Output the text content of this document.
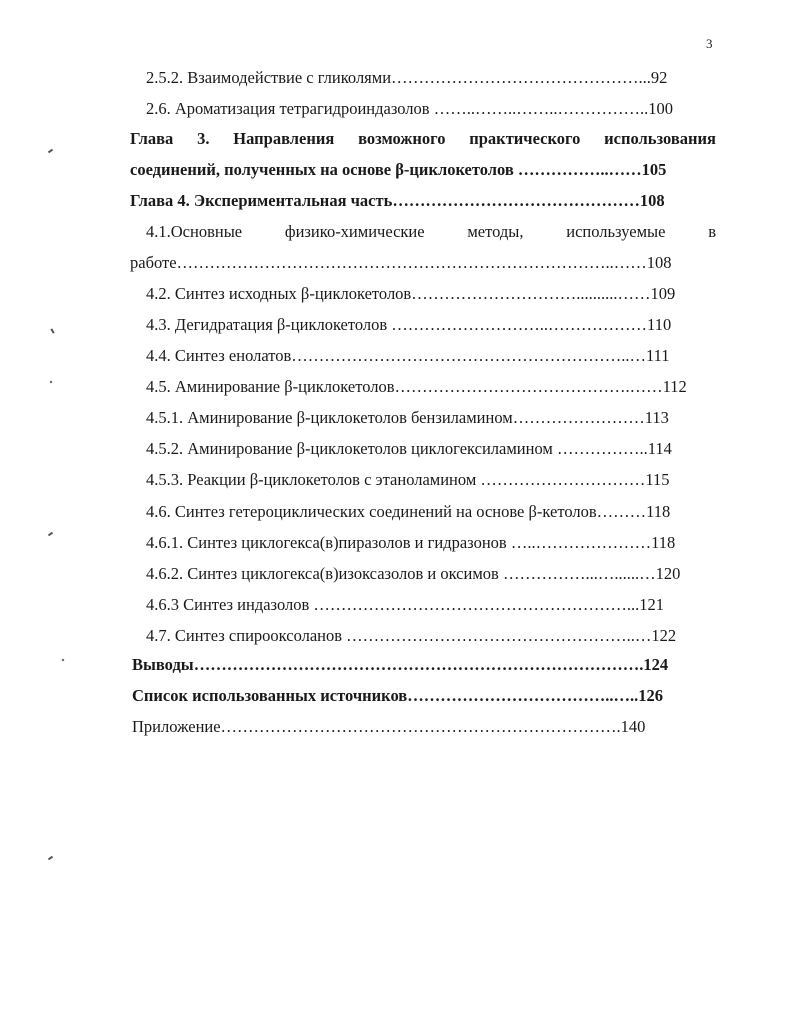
3
2.5.2. Взаимодействие с гликолями………………………………………...92
2.6. Ароматизация тетрагидроиндазолов ……..……..……..……………..100
Глава 3. Направления возможного практического использования
соединений, полученных на основе β-циклокетолов ……………..……105
Глава 4. Экспериментальная часть………………………………………108
4.1.Основные	физико-химические	методы,	используемые	в
работе……………………………………………………………………..……108
4.2. Синтез исходных β-циклокетолов…………………………..........……109
4.3. Дегидратация β-циклокетолов ………………………..………………110
4.4. Синтез енолатов……………………………………………………..…111
4.5. Аминирование β-циклокетолов…………………………………….……112
4.5.1. Аминирование β-циклокетолов бензиламином……………………113
4.5.2. Аминирование β-циклокетолов циклогексиламином ……………..114
4.5.3. Реакции β-циклокетолов с этаноламином …………………………115
4.6. Синтез гетероциклических соединений на основе β-кетолов………118
4.6.1. Синтез циклогекса(в)пиразолов и гидразонов …..…………………118
4.6.2. Синтез циклогекса(в)изоксазолов и оксимов ……………...…......…120
4.6.3 Синтез индазолов …………………………………………………...121
4.7. Синтез спирооксоланов ……………………………………………..…122
Выводы……………………………………………………………………….124
Список использованных источников………………………………..…..126
Приложение……………………………………………………………….140
